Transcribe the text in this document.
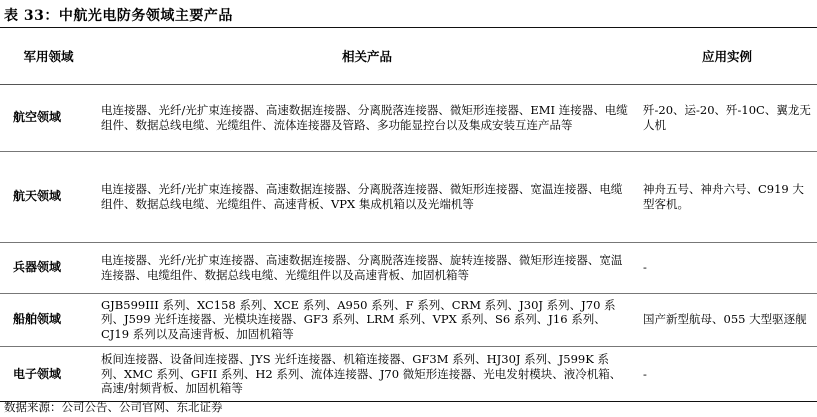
表 33：中航光电防务领域主要产品
军用领域	相关产品	应用实例
航空领域	电连接器、光纤/光扩束连接器、高速数据连接器、分离脱落连接器、微矩形连接器、EMI 连接器、电缆组件、数据总线电缆、光缆组件、流体连接器及管路、多功能显控台以及集成安装互连产品等	歼-20、运-20、歼-10C、翼龙无人机
航天领域	电连接器、光纤/光扩束连接器、高速数据连接器、分离脱落连接器、微矩形连接器、宽温连接器、电缆组件、数据总线电缆、光缆组件、高速背板、VPX 集成机箱以及光端机等	神舟五号、神舟六号、C919 大型客机。
兵器领域	电连接器、光纤/光扩束连接器、高速数据连接器、分离脱落连接器、旋转连接器、微矩形连接器、宽温连接器、电缆组件、数据总线电缆、光缆组件以及高速背板、加固机箱等	-
船舶领域	GJB599III 系列、XC158 系列、XCE 系列、A950 系列、F 系列、CRM 系列、J30J 系列、J70 系列、J599 光纤连接器、光模块连接器、GF3 系列、LRM 系列、VPX 系列、S6 系列、J16 系列、CJ19 系列以及高速背板、加固机箱等	国产新型航母、055 大型驱逐舰
电子领域	板间连接器、设备间连接器、JYS 光纤连接器、机箱连接器、GF3M 系列、HJ30J 系列、J599K 系列、XMC 系列、GFII 系列、H2 系列、流体连接器、J70 微矩形连接器、光电发射模块、液冷机箱、高速/射频背板、加固机箱等	-
数据来源：公司公告、公司官网、东北证券
